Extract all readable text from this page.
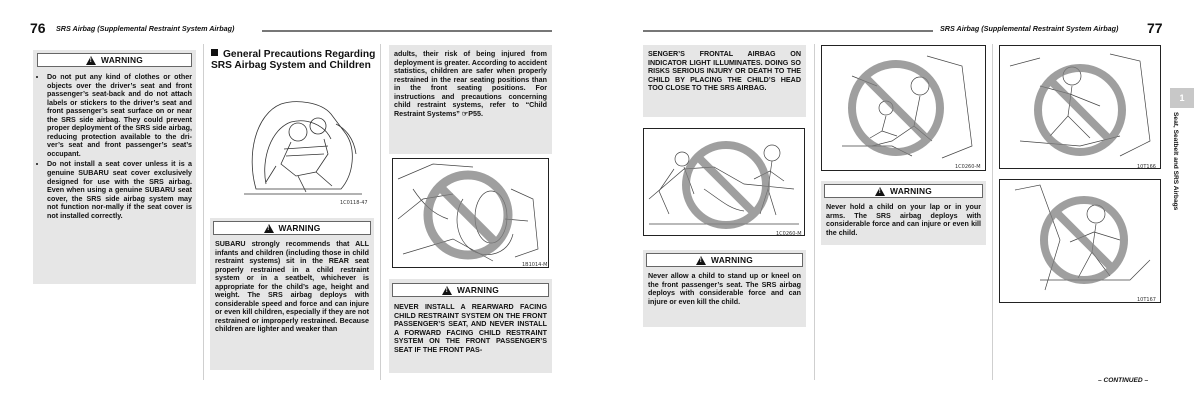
76 SRS Airbag (Supplemental Restraint System Airbag)
!
WARNING
• Do not put any kind of clothes or other objects over the driver’s seat and front passenger’s seat-back and do not attach labels or stickers to the driver’s seat and front passenger’s seat surface on or near the SRS side airbag. They could prevent proper deployment of the SRS side airbag, reducing protection available to the dri-ver’s seat and front passenger’s seat’s occupant.
• Do not install a seat cover unless it is a genuine SUBARU seat cover exclusively designed for use with the SRS airbag. Even when using a genuine SUBARU seat cover, the SRS side airbag system may not function nor-mally if the seat cover is not installed correctly.
General Precautions Regarding SRS Airbag System and Children
1C0118-47
!
WARNING
SUBARU strongly recommends that ALL infants and children (including those in child restraint systems) sit in the REAR seat properly restrained in a child restraint system or in a seatbelt, whichever is appropriate for the child’s age, height and weight. The SRS airbag deploys with considerable speed and force and can injure or even kill children, especially if they are not restrained or improperly restrained. Because children are lighter and weaker than
adults, their risk of being injured from deployment is greater. According to accident statistics, children are safer when properly restrained in the rear seating positions than in the front seating positions. For instructions and precautions concerning child restraint systems, refer to “Child Restraint Systems” ☞P55.
1B1014-M
!
WARNING
NEVER INSTALL A REARWARD FACING CHILD RESTRAINT SYSTEM ON THE FRONT PASSENGER’S SEAT, AND NEVER INSTALL A FORWARD FACING CHILD RESTRAINT SYSTEM ON THE FRONT PASSENGER’S SEAT IF THE FRONT PAS-
SRS Airbag (Supplemental Restraint System Airbag) 77
SENGER’S FRONTAL AIRBAG ON INDICATOR LIGHT ILLUMINATES. DOING SO RISKS SERIOUS INJURY OR DEATH TO THE CHILD BY PLACING THE CHILD’S HEAD TOO CLOSE TO THE SRS AIRBAG.
1C0260-M
!
WARNING
Never allow a child to stand up or kneel on the front passenger’s seat. The SRS airbag deploys with considerable force and can injure or even kill the child.
1C0260-M
!
WARNING
Never hold a child on your lap or in your arms. The SRS airbag deploys with considerable force and can injure or even kill the child.
10T166
10T167
1
Seat, Seatbelt and SRS Airbags
– CONTINUED –
